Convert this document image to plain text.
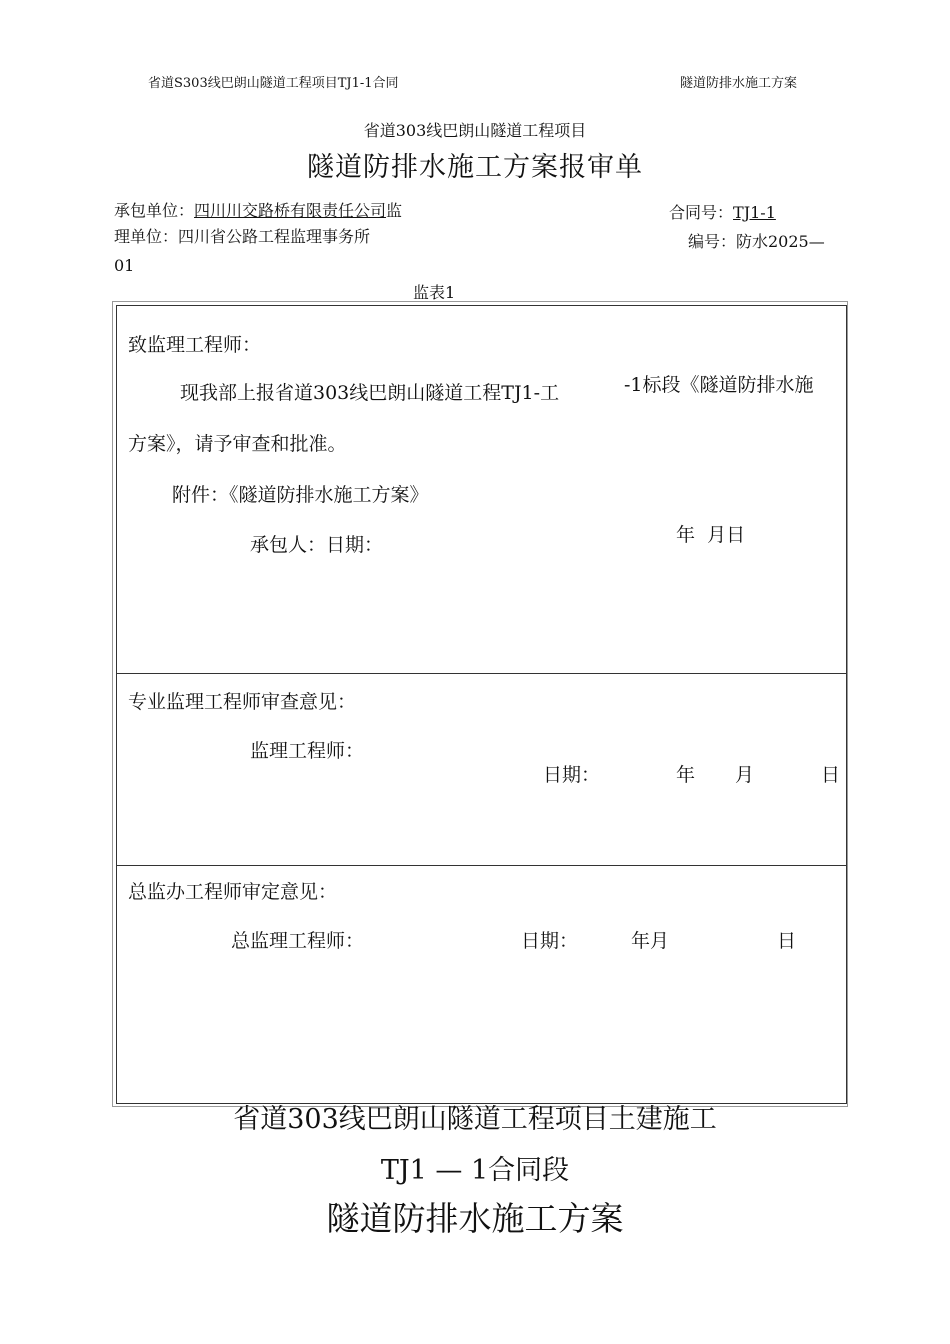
省道S303线巴朗山隧道工程项目TJ1-1合同	隧道防排水施工方案
省道303线巴朗山隧道工程项目
隧道防排水施工方案报审单
承包单位：四川川交路桥有限责任公司监	合同号：TJ1-1
理单位：四川省公路工程监理事务所	编号：防水2025—
01
监表1
致监理工程师：
现我部上报省道303线巴朗山隧道工程TJ1-工	-1标段《隧道防排水施
方案》，请予审查和批准。
附件：《隧道防排水施工方案》
承包人：日期：	年  月日
专业监理工程师审查意见：
监理工程师：
日期：	年 月	日
总监办工程师审定意见：
总监理工程师：	日期：	年月	日
省道303线巴朗山隧道工程项目土建施工
TJ1 — 1合同段
隧道防排水施工方案
